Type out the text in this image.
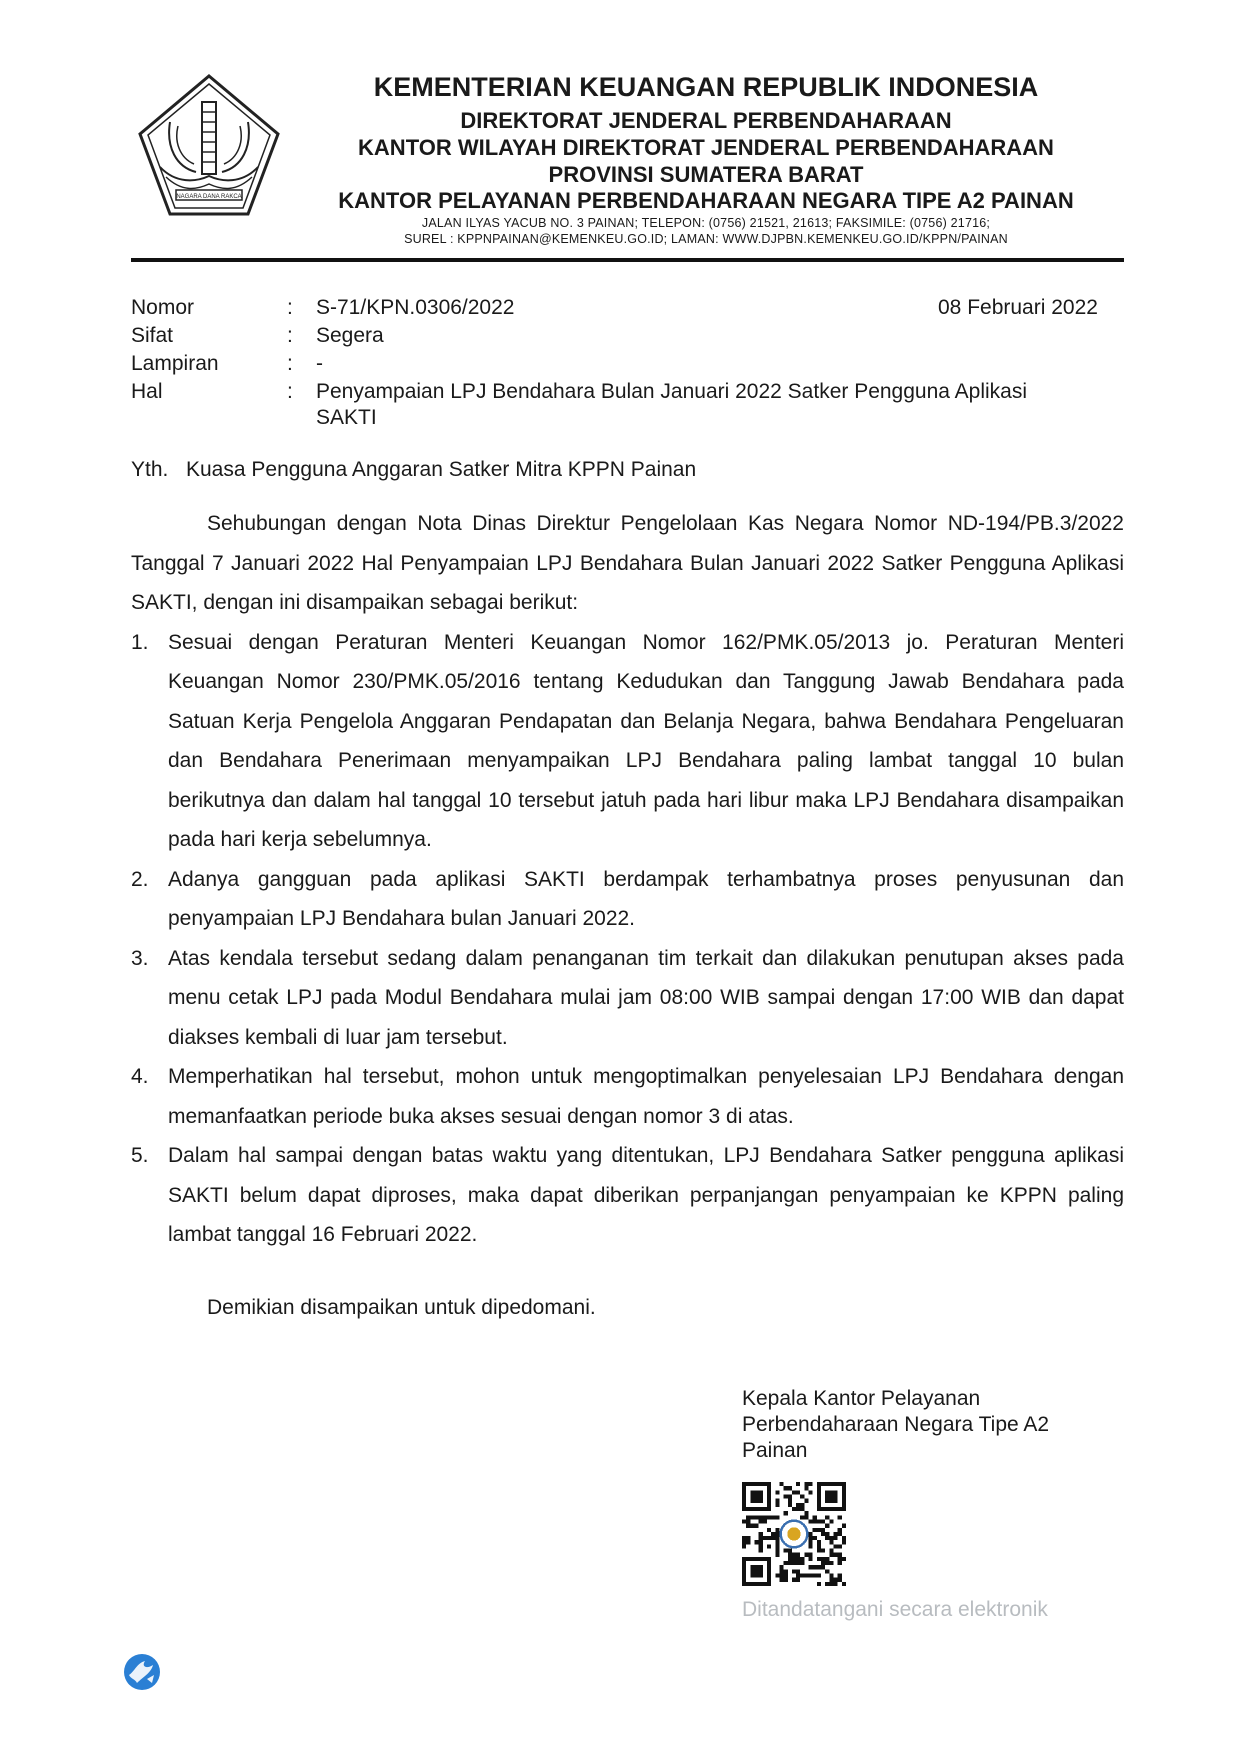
NAGARA DANA RAKCA
KEMENTERIAN KEUANGAN REPUBLIK INDONESIA
DIREKTORAT JENDERAL PERBENDAHARAAN
KANTOR WILAYAH DIREKTORAT JENDERAL PERBENDAHARAAN
PROVINSI SUMATERA BARAT
KANTOR PELAYANAN PERBENDAHARAAN NEGARA TIPE A2 PAINAN
JALAN ILYAS YACUB NO. 3 PAINAN; TELEPON: (0756) 21521, 21613; FAKSIMILE: (0756) 21716;
SUREL : KPPNPAINAN@KEMENKEU.GO.ID; LAMAN: WWW.DJPBN.KEMENKEU.GO.ID/KPPN/PAINAN
Nomor	: S-71/KPN.0306/2022	08 Februari 2022
Sifat	: Segera
Lampiran	: -
Hal	: Penyampaian LPJ Bendahara Bulan Januari 2022 Satker Pengguna Aplikasi
SAKTI
Yth. Kuasa Pengguna Anggaran Satker Mitra KPPN Painan
Sehubungan dengan Nota Dinas Direktur Pengelolaan Kas Negara Nomor ND-194/PB.3/2022 Tanggal 7 Januari 2022 Hal Penyampaian LPJ Bendahara Bulan Januari 2022 Satker Pengguna Aplikasi SAKTI, dengan ini disampaikan sebagai berikut:
1. Sesuai dengan Peraturan Menteri Keuangan Nomor 162/PMK.05/2013 jo. Peraturan Menteri Keuangan Nomor 230/PMK.05/2016 tentang Kedudukan dan Tanggung Jawab Bendahara pada Satuan Kerja Pengelola Anggaran Pendapatan dan Belanja Negara, bahwa Bendahara Pengeluaran dan Bendahara Penerimaan menyampaikan LPJ Bendahara paling lambat tanggal 10 bulan berikutnya dan dalam hal tanggal 10 tersebut jatuh pada hari libur maka LPJ Bendahara disampaikan pada hari kerja sebelumnya.
2. Adanya gangguan pada aplikasi SAKTI berdampak terhambatnya proses penyusunan dan penyampaian LPJ Bendahara bulan Januari 2022.
3. Atas kendala tersebut sedang dalam penanganan tim terkait dan dilakukan penutupan akses pada menu cetak LPJ pada Modul Bendahara mulai jam 08:00 WIB sampai dengan 17:00 WIB dan dapat diakses kembali di luar jam tersebut.
4. Memperhatikan hal tersebut, mohon untuk mengoptimalkan penyelesaian LPJ Bendahara dengan memanfaatkan periode buka akses sesuai dengan nomor 3 di atas.
5. Dalam hal sampai dengan batas waktu yang ditentukan, LPJ Bendahara Satker pengguna aplikasi SAKTI belum dapat diproses, maka dapat diberikan perpanjangan penyampaian ke KPPN paling lambat tanggal 16 Februari 2022.
Demikian disampaikan untuk dipedomani.
Kepala Kantor Pelayanan
Perbendaharaan Negara Tipe A2
Painan
Ditandatangani secara elektronik
